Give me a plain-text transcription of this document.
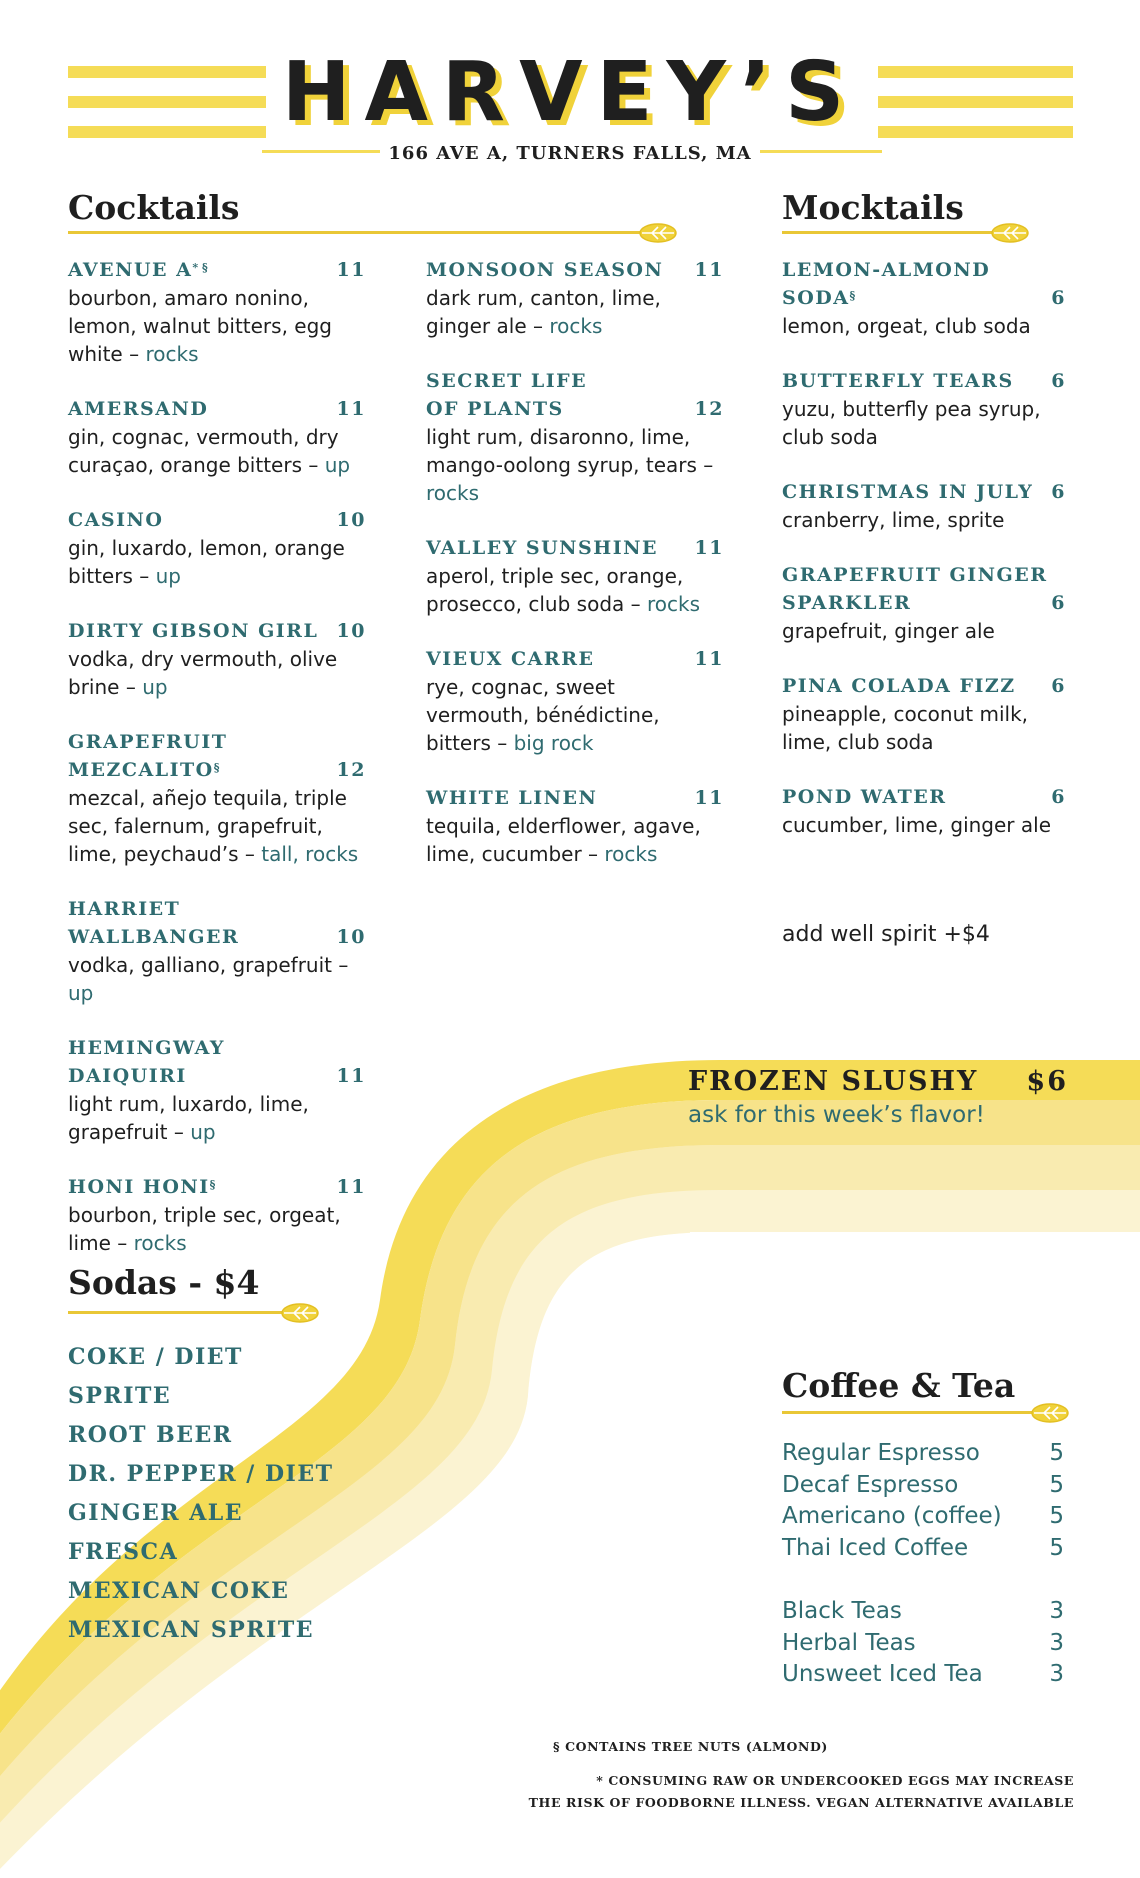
HARVEY’S
166 AVE A, TURNERS FALLS, MA
Cocktails
AVENUE A* §	11
bourbon, amaro nonino, lemon, walnut bitters, egg white – rocks
AMERSAND	11
gin, cognac, vermouth, dry curaçao, orange bitters – up
CASINO	10
gin, luxardo, lemon, orange bitters – up
DIRTY GIBSON GIRL 10
vodka, dry vermouth, olive brine – up
GRAPEFRUIT
MEZCALITO§	12
mezcal, añejo tequila, triple sec, falernum, grapefruit, lime, peychaud’s – tall, rocks
HARRIET
WALLBANGER	10
vodka, galliano, grapefruit – up
HEMINGWAY
DAIQUIRI	11
light rum, luxardo, lime, grapefruit – up
HONI HONI§	11
bourbon, triple sec, orgeat, lime – rocks
MONSOON SEASON	11
dark rum, canton, lime, ginger ale – rocks
SECRET LIFE
OF PLANTS	12
light rum, disaronno, lime, mango-oolong syrup, tears – rocks
VALLEY SUNSHINE	11
aperol, triple sec, orange, prosecco, club soda – rocks
VIEUX CARRE	11
rye, cognac, sweet vermouth, bénédictine, bitters – big rock
WHITE LINEN	11
tequila, elderflower, agave, lime, cucumber – rocks
Mocktails
LEMON-ALMOND
SODA§	6
lemon, orgeat, club soda
BUTTERFLY TEARS	6
yuzu, butterfly pea syrup, club soda
CHRISTMAS IN JULY 6
cranberry, lime, sprite
GRAPEFRUIT GINGER
SPARKLER	6
grapefruit, ginger ale
PINA COLADA FIZZ	6
pineapple, coconut milk, lime, club soda
POND WATER	6
cucumber, lime, ginger ale
add well spirit +$4
FROZEN SLUSHY $6
ask for this week’s flavor!
Sodas - $4
COKE / DIET
SPRITE
ROOT BEER
DR. PEPPER / DIET
GINGER ALE
FRESCA
MEXICAN COKE
MEXICAN SPRITE
Coffee & Tea
Regular Espresso	5
Decaf Espresso	5
Americano (coffee) 5
Thai Iced Coffee	5
Black Teas	3
Herbal Teas	3
Unsweet Iced Tea	3
§ CONTAINS TREE NUTS (ALMOND)
* CONSUMING RAW OR UNDERCOOKED EGGS MAY INCREASE
THE RISK OF FOODBORNE ILLNESS. VEGAN ALTERNATIVE AVAILABLE
